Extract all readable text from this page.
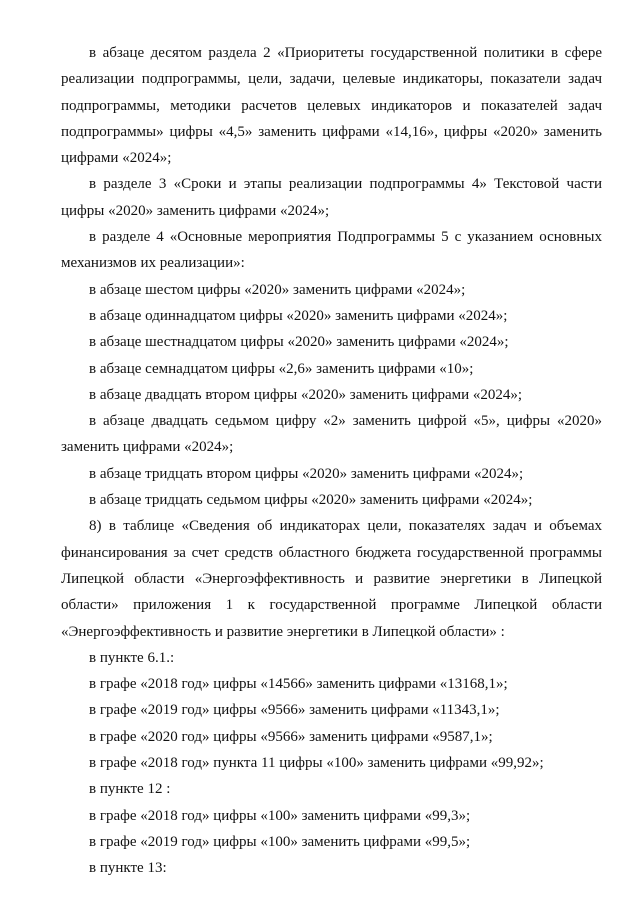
в абзаце десятом раздела 2 «Приоритеты государственной политики в сфере реализации подпрограммы, цели, задачи, целевые индикаторы, показатели задач подпрограммы, методики расчетов целевых индикаторов и показателей задач подпрограммы» цифры «4,5» заменить цифрами «14,16», цифры «2020» заменить цифрами «2024»;

в разделе 3 «Сроки и этапы реализации подпрограммы 4» Текстовой части цифры «2020» заменить цифрами «2024»;

в разделе 4 «Основные мероприятия Подпрограммы 5 с указанием основных механизмов их реализации»:

в абзаце шестом цифры «2020» заменить цифрами «2024»;

в абзаце одиннадцатом цифры «2020» заменить цифрами «2024»;

в абзаце шестнадцатом цифры «2020» заменить цифрами «2024»;

в абзаце семнадцатом цифры «2,6» заменить цифрами «10»;

в абзаце двадцать втором цифры «2020» заменить цифрами «2024»;

в абзаце двадцать седьмом цифру «2» заменить цифрой «5», цифры «2020» заменить цифрами «2024»;

в абзаце тридцать втором цифры «2020» заменить цифрами «2024»;

в абзаце тридцать седьмом цифры «2020» заменить цифрами «2024»;

8) в таблице «Сведения об индикаторах цели, показателях задач и объемах финансирования за счет средств областного бюджета государственной программы Липецкой области «Энергоэффективность и развитие энергетики в Липецкой области» приложения 1 к государственной программе Липецкой области «Энергоэффективность и развитие энергетики в Липецкой области» :

в пункте 6.1.:

в графе «2018 год» цифры «14566» заменить цифрами «13168,1»;

в графе «2019 год» цифры «9566» заменить цифрами «11343,1»;

в графе «2020 год» цифры «9566» заменить цифрами «9587,1»;

в графе «2018 год» пункта 11 цифры «100» заменить цифрами «99,92»;

в пункте 12 :

в графе «2018 год» цифры «100» заменить цифрами «99,3»;

в графе «2019 год» цифры «100» заменить цифрами «99,5»;

в пункте 13:
